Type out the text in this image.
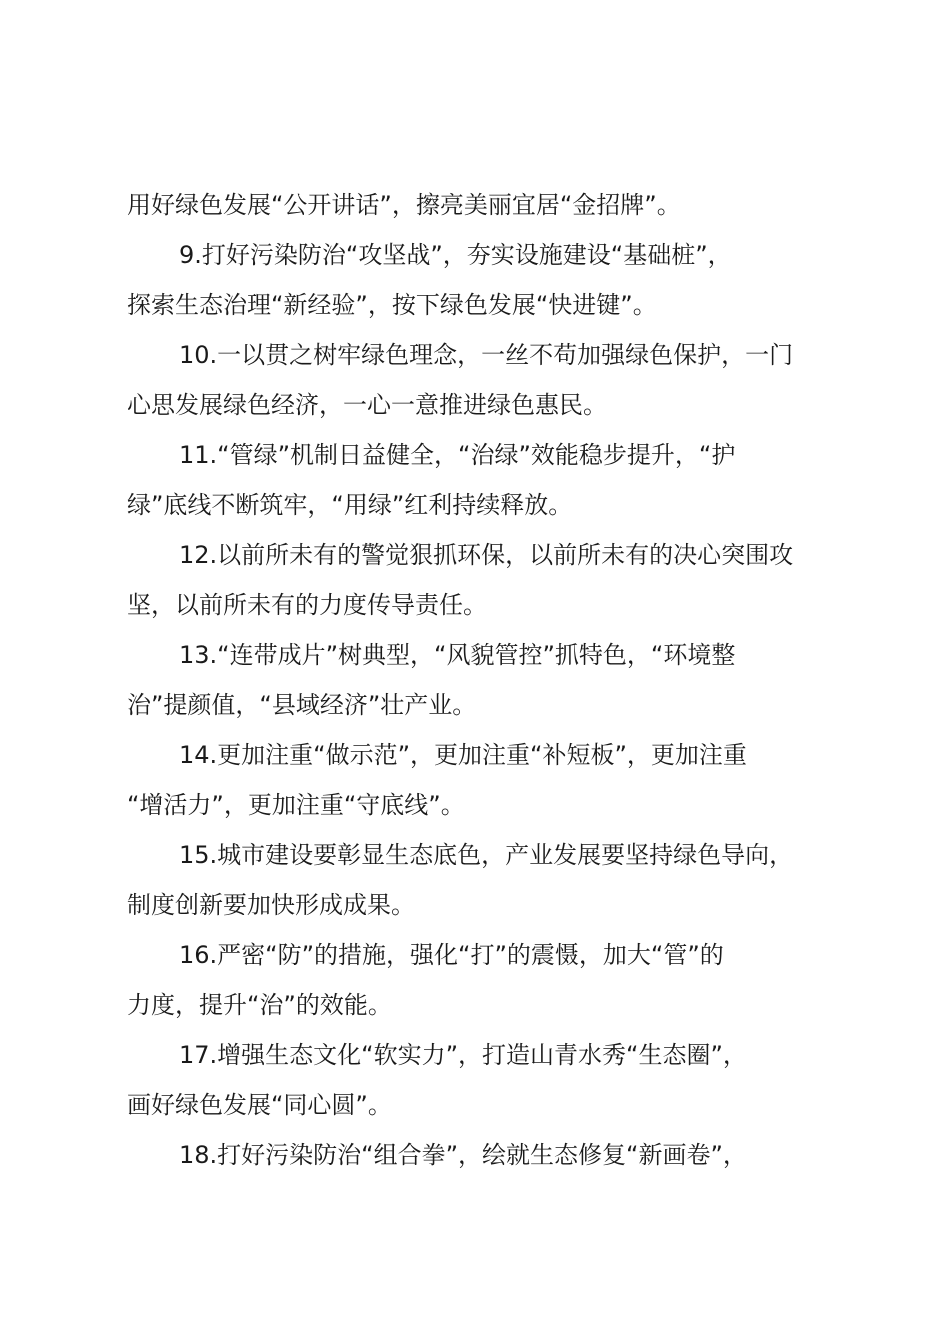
用好绿色发展“公开讲话”，擦亮美丽宜居“金招牌”。
9.打好污染防治“攻坚战”，夯实设施建设“基础桩”，
探索生态治理“新经验”，按下绿色发展“快进键”。
10.一以贯之树牢绿色理念，一丝不苟加强绿色保护，一门
心思发展绿色经济，一心一意推进绿色惠民。
11.“管绿”机制日益健全，“治绿”效能稳步提升，“护
绿”底线不断筑牢，“用绿”红利持续释放。
12.以前所未有的警觉狠抓环保，以前所未有的决心突围攻
坚，以前所未有的力度传导责任。
13.“连带成片”树典型，“风貌管控”抓特色，“环境整
治”提颜值，“县域经济”壮产业。
14.更加注重“做示范”，更加注重“补短板”，更加注重
“增活力”，更加注重“守底线”。
15.城市建设要彰显生态底色，产业发展要坚持绿色导向，
制度创新要加快形成成果。
16.严密“防”的措施，强化“打”的震慑，加大“管”的
力度，提升“治”的效能。
17.增强生态文化“软实力”，打造山青水秀“生态圈”，
画好绿色发展“同心圆”。
18.打好污染防治“组合拳”，绘就生态修复“新画卷”，
